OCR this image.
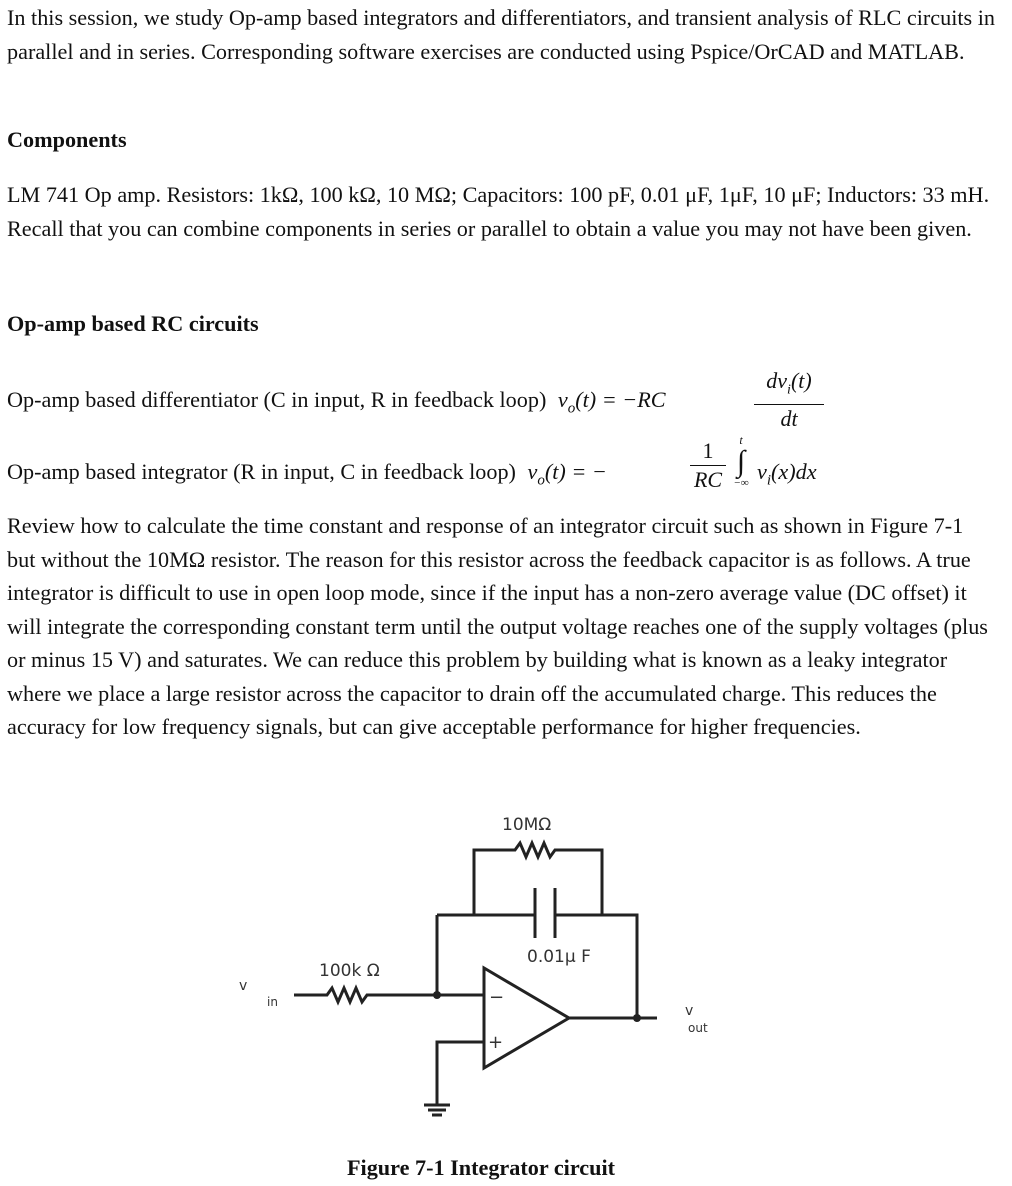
In this session, we study Op-amp based integrators and differentiators, and transient analysis of RLC circuits in parallel and in series. Corresponding software exercises are conducted using Pspice/OrCAD and MATLAB.

Components

LM 741 Op amp. Resistors: 1kΩ, 100 kΩ, 10 MΩ; Capacitors: 100 pF, 0.01 μF, 1μF, 10 μF; Inductors: 33 mH. Recall that you can combine components in series or parallel to obtain a value you may not have been given.

Op-amp based RC circuits

Op-amp based differentiator (C in input, R in feedback loop) $v_o(t) = -RC$

$dv_i(t)$
dt

Op-amp based integrator (R in input, C in feedback loop) $v_o(t)$ = −	$\frac{1}{RC}$	t
∫
−∞ $v_i(x)dx$

Review how to calculate the time constant and response of an integrator circuit such as shown in Figure 7-1 but without the 10MΩ resistor. The reason for this resistor across the feedback capacitor is as follows. A true integrator is difficult to use in open loop mode, since if the input has a non-zero average value (DC offset) it will integrate the corresponding constant term until the output voltage reaches one of the supply voltages (plus or minus 15 V) and saturates. We can reduce this problem by building what is known as a leaky integrator where we place a large resistor across the capacitor to drain off the accumulated charge. This reduces the accuracy for low frequency signals, but can give acceptable performance for higher frequencies.

10MΩ
0.01μ F
100k Ω
v
in
v
out
−
+

Figure 7-1 Integrator circuit
